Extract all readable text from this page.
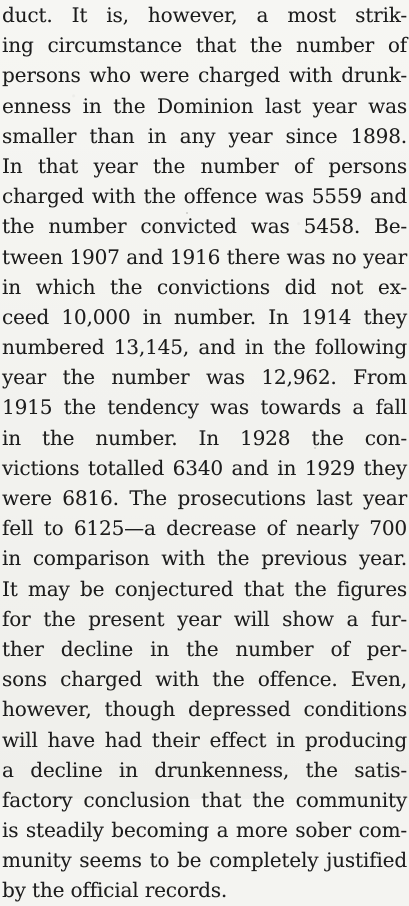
duct. It is, however, a most strik-
ing circumstance that the number of
persons who were charged with drunk-
enness in the Dominion last year was
smaller than in any year since 1898.
In that year the number of persons
charged with the offence was 5559 and
the number convicted was 5458. Be-
tween 1907 and 1916 there was no year
in which the convictions did not ex-
ceed 10,000 in number. In 1914 they
numbered 13,145, and in the following
year the number was 12,962. From
1915 the tendency was towards a fall
in the number. In 1928 the con-
victions totalled 6340 and in 1929 they
were 6816. The prosecutions last year
fell to 6125—a decrease of nearly 700
in comparison with the previous year.
It may be conjectured that the figures
for the present year will show a fur-
ther decline in the number of per-
sons charged with the offence. Even,
however, though depressed conditions
will have had their effect in producing
a decline in drunkenness, the satis-
factory conclusion that the community
is steadily becoming a more sober com-
munity seems to be completely justified
by the official records.
